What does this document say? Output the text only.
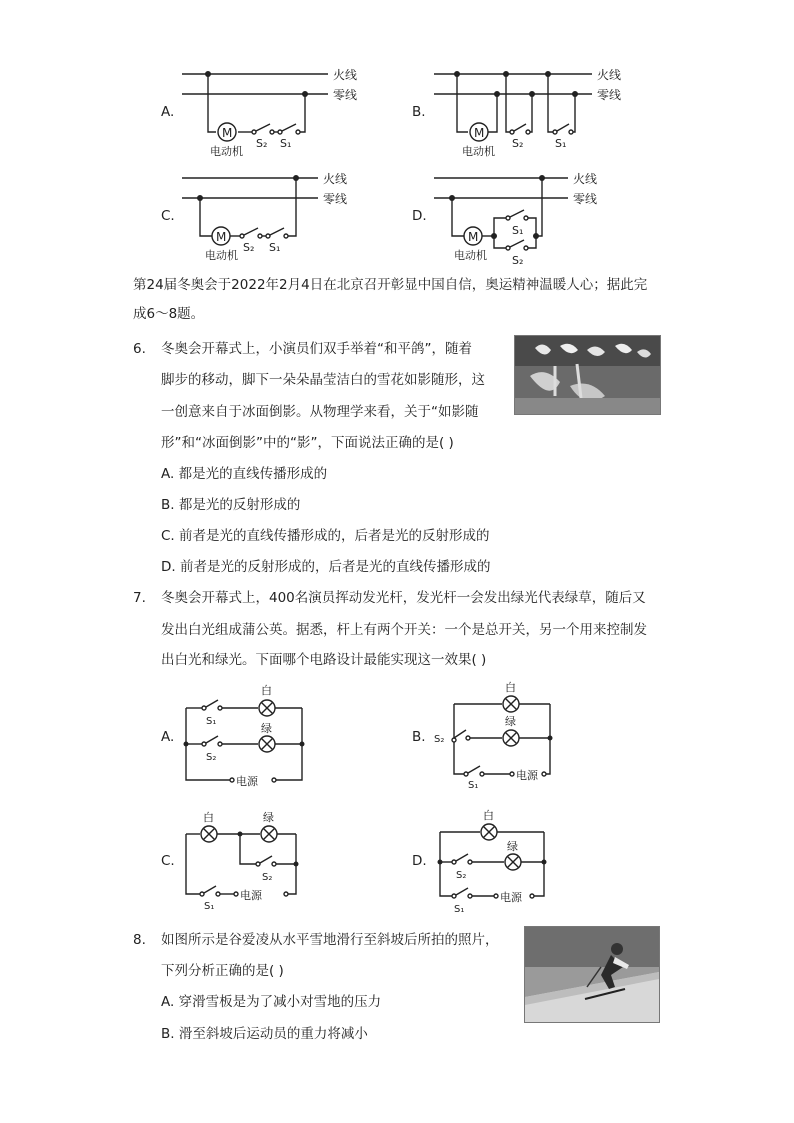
A.	B.
C.	D.
火线
零线
M
电动机
S₂ S₁
火线
零线
M
电动机
S₂	S₁
火线
零线
M
电动机
S₂ S₁
火线
零线
M
电动机
S₁
S₂
第24届冬奥会于2022年2月4日在北京召开彰显中国自信，奥运精神温暖人心；据此完
成6～8题。
6. 冬奥会开幕式上，小演员们双手举着“和平鸽”，随着
脚步的移动，脚下一朵朵晶莹洁白的雪花如影随形，这
一创意来自于冰面倒影。从物理学来看，关于“如影随
形”和“冰面倒影”中的“影”，下面说法正确的是( )
A. 都是光的直线传播形成的
B. 都是光的反射形成的
C. 前者是光的直线传播形成的，后者是光的反射形成的
D. 前者是光的反射形成的，后者是光的直线传播形成的
7. 冬奥会开幕式上，400名演员挥动发光杆，发光杆一会发出绿光代表绿草，随后又
发出白光组成蒲公英。据悉，杆上有两个开关：一个是总开关，另一个用来控制发
出白光和绿光。下面哪个电路设计最能实现这一效果( )
A.	B.
C.	D.
电源
白
S₁
绿
S₂
S₁
电源
白
绿
S₂
S₁
电源
白	绿
S₂
S₁
电源
白
绿
S₂
8. 如图所示是谷爱凌从水平雪地滑行至斜坡后所拍的照片，
下列分析正确的是( )
A. 穿滑雪板是为了减小对雪地的压力
B. 滑至斜坡后运动员的重力将减小
